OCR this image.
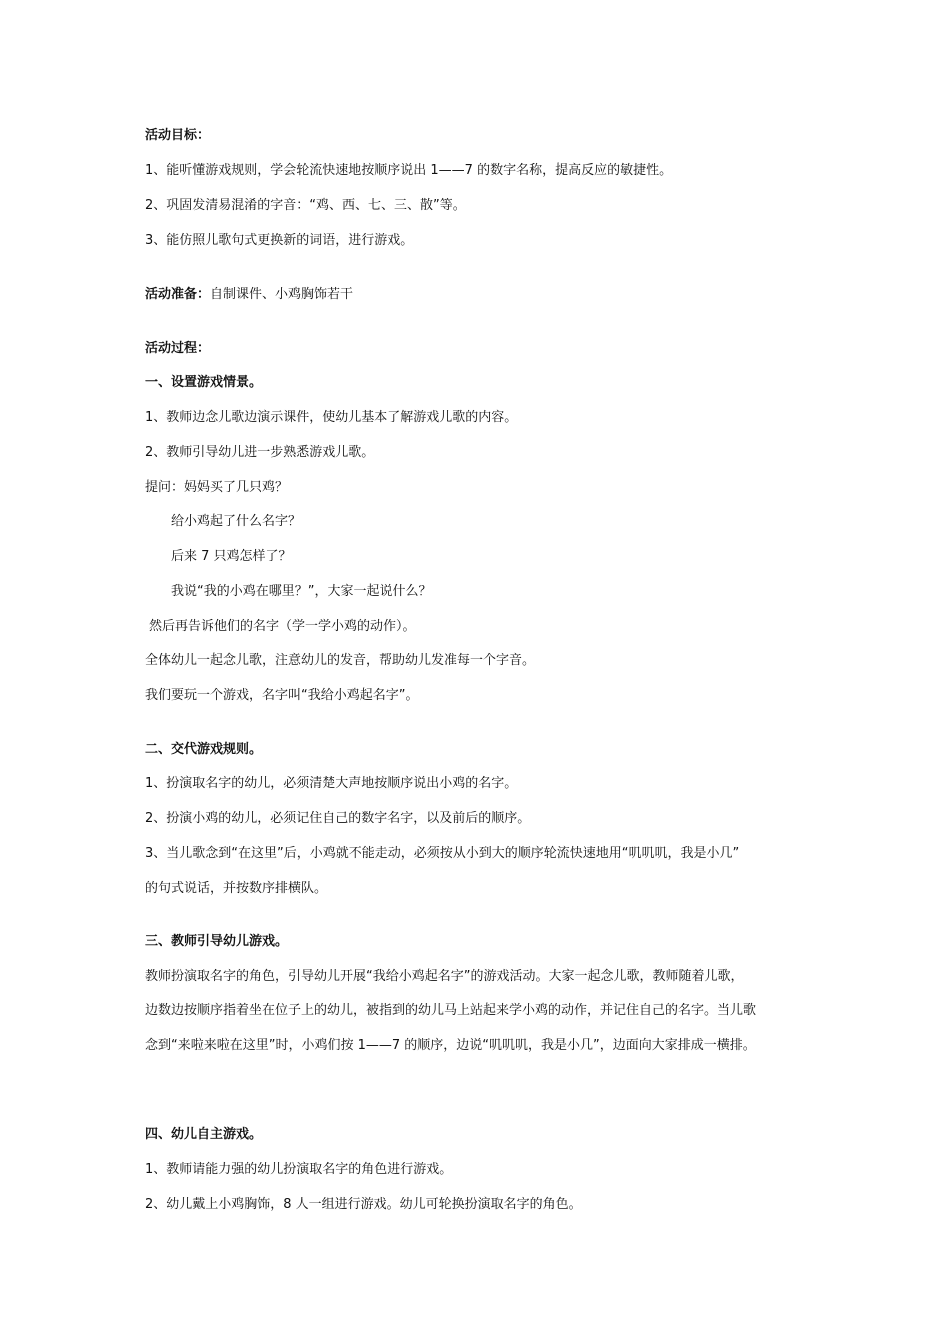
活动目标：

1、能听懂游戏规则，学会轮流快速地按顺序说出 1——7 的数字名称，提高反应的敏捷性。

2、巩固发清易混淆的字音：“鸡、西、七、三、散”等。

3、能仿照儿歌句式更换新的词语，进行游戏。

活动准备：自制课件、小鸡胸饰若干

活动过程：

一、设置游戏情景。

1、教师边念儿歌边演示课件，使幼儿基本了解游戏儿歌的内容。

2、教师引导幼儿进一步熟悉游戏儿歌。

提问：妈妈买了几只鸡？

给小鸡起了什么名字？

后来 7 只鸡怎样了？

我说“我的小鸡在哪里？”，大家一起说什么？

然后再告诉他们的名字（学一学小鸡的动作）。

全体幼儿一起念儿歌，注意幼儿的发音，帮助幼儿发准每一个字音。

我们要玩一个游戏，名字叫“我给小鸡起名字”。

二、交代游戏规则。

1、扮演取名字的幼儿，必须清楚大声地按顺序说出小鸡的名字。

2、扮演小鸡的幼儿，必须记住自己的数字名字，以及前后的顺序。

3、当儿歌念到“在这里”后，小鸡就不能走动，必须按从小到大的顺序轮流快速地用“叽叽叽，我是小几”

的句式说话，并按数序排横队。

三、教师引导幼儿游戏。

教师扮演取名字的角色，引导幼儿开展“我给小鸡起名字”的游戏活动。大家一起念儿歌，教师随着儿歌，

边数边按顺序指着坐在位子上的幼儿，被指到的幼儿马上站起来学小鸡的动作，并记住自己的名字。当儿歌

念到“来啦来啦在这里”时，小鸡们按 1——7 的顺序，边说“叽叽叽，我是小几”，边面向大家排成一横排。

四、幼儿自主游戏。

1、教师请能力强的幼儿扮演取名字的角色进行游戏。

2、幼儿戴上小鸡胸饰，8 人一组进行游戏。幼儿可轮换扮演取名字的角色。
